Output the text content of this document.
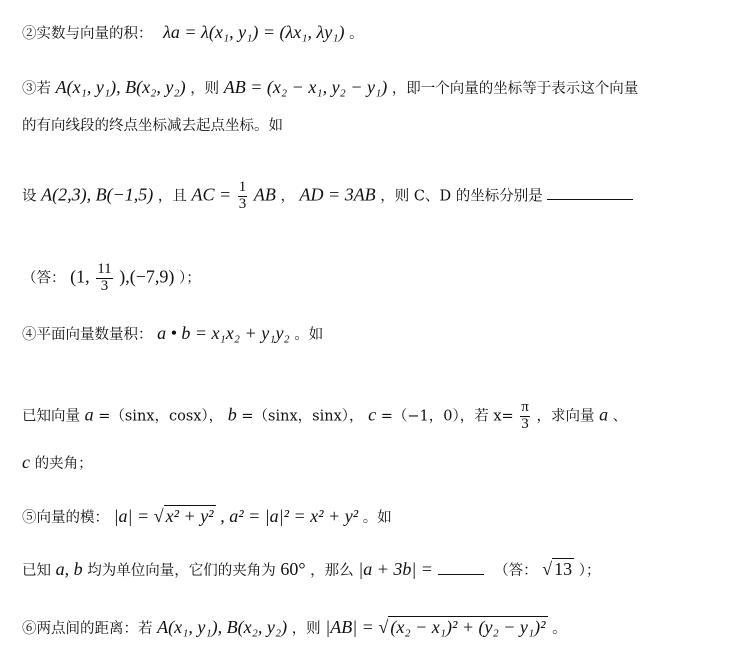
②实数与向量的积： λa = λ(x₁, y₁) = (λx₁, λy₁) 。
③若 A(x₁, y₁), B(x₂, y₂) ，则 AB = (x₂ − x₁, y₂ − y₁) ，即一个向量的坐标等于表示这个向量
的有向线段的终点坐标减去起点坐标。如
设 A(2,3), B(−1,5) ，且 AC = $\frac{1}{3}$ AB ， AD = 3AB ，则 C、D 的坐标分别是
（答： (1, $\frac{11}{3} ),(-7,9)$ ）；
④平面向量数量积： a • b = x₁x₂ + y₁y₂ 。如
已知向量 a =（sinx，cosx）， b =（sinx，sinx）， c =（−1，0），若 $x= \frac{\pi}{3}$ ，求向量 a 、
c 的夹角；
⑤向量的模： |a| = √ x² + y² , a² = |a|² = x² + y² 。如
已知 a, b 均为单位向量，它们的夹角为 60° ，那么 |a + 3b| =	（答： √ 13 ）；
⑥两点间的距离：若 A(x₁, y₁), B(x₂, y₂) ，则 |AB| = √ (x₂ − x₁)² + (y₂ − y₁)² 。
